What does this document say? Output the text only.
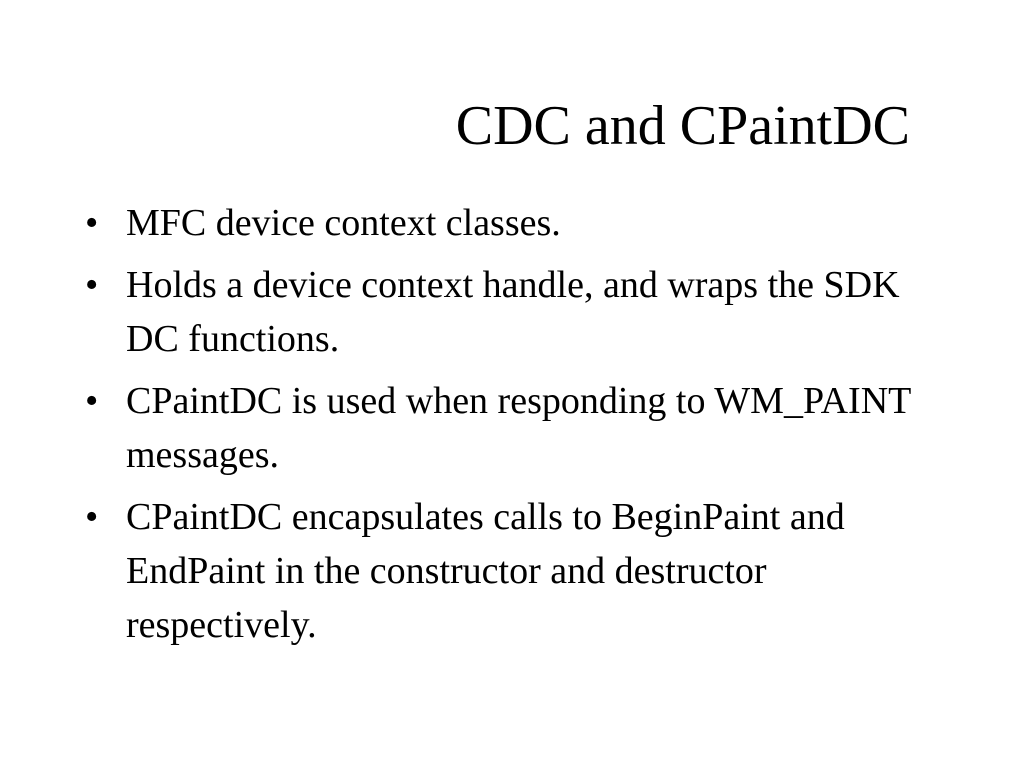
CDC and CPaintDC
• MFC device context classes.
• Holds a device context handle, and wraps the SDK DC functions.
• CPaintDC is used when responding to WM_PAINT messages.
• CPaintDC encapsulates calls to BeginPaint and EndPaint in the constructor and destructor respectively.
